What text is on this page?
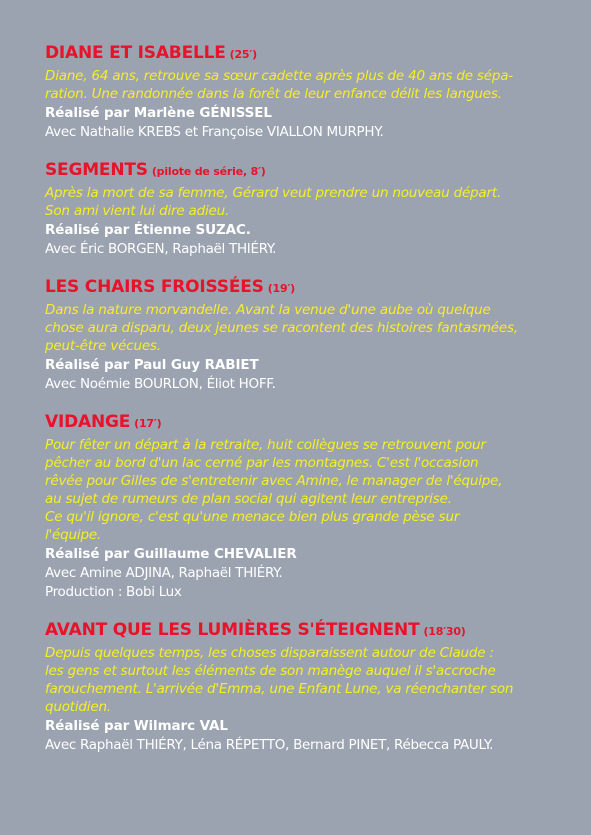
DIANE ET ISABELLE (25′)
Diane, 64 ans, retrouve sa sœur cadette après plus de 40 ans de sépa-
ration. Une randonnée dans la forêt de leur enfance délit les langues.
Réalisé par Marlène GÉNISSEL
Avec Nathalie KREBS et Françoise VIALLON MURPHY.
SEGMENTS (pilote de série, 8′)
Après la mort de sa femme, Gérard veut prendre un nouveau départ.
Son ami vient lui dire adieu.
Réalisé par Étienne SUZAC.
Avec Éric BORGEN, Raphaël THIÉRY.
LES CHAIRS FROISSÉES (19′)
Dans la nature morvandelle. Avant la venue d'une aube où quelque
chose aura disparu, deux jeunes se racontent des histoires fantasmées,
peut-être vécues.
Réalisé par Paul Guy RABIET
Avec Noémie BOURLON, Éliot HOFF.
VIDANGE (17′)
Pour fêter un départ à la retraite, huit collègues se retrouvent pour
pêcher au bord d'un lac cerné par les montagnes. C'est l'occasion
rêvée pour Gilles de s'entretenir avec Amine, le manager de l'équipe,
au sujet de rumeurs de plan social qui agitent leur entreprise.
Ce qu'il ignore, c'est qu'une menace bien plus grande pèse sur
l'équipe.
Réalisé par Guillaume CHEVALIER
Avec Amine ADJINA, Raphaël THIÉRY.
Production : Bobi Lux
AVANT QUE LES LUMIÈRES S'ÉTEIGNENT (18′30)
Depuis quelques temps, les choses disparaissent autour de Claude :
les gens et surtout les éléments de son manège auquel il s'accroche
farouchement. L'arrivée d'Emma, une Enfant Lune, va réenchanter son
quotidien.
Réalisé par Wilmarc VAL
Avec Raphaël THIÉRY, Léna RÉPETTO, Bernard PINET, Rébecca PAULY.
